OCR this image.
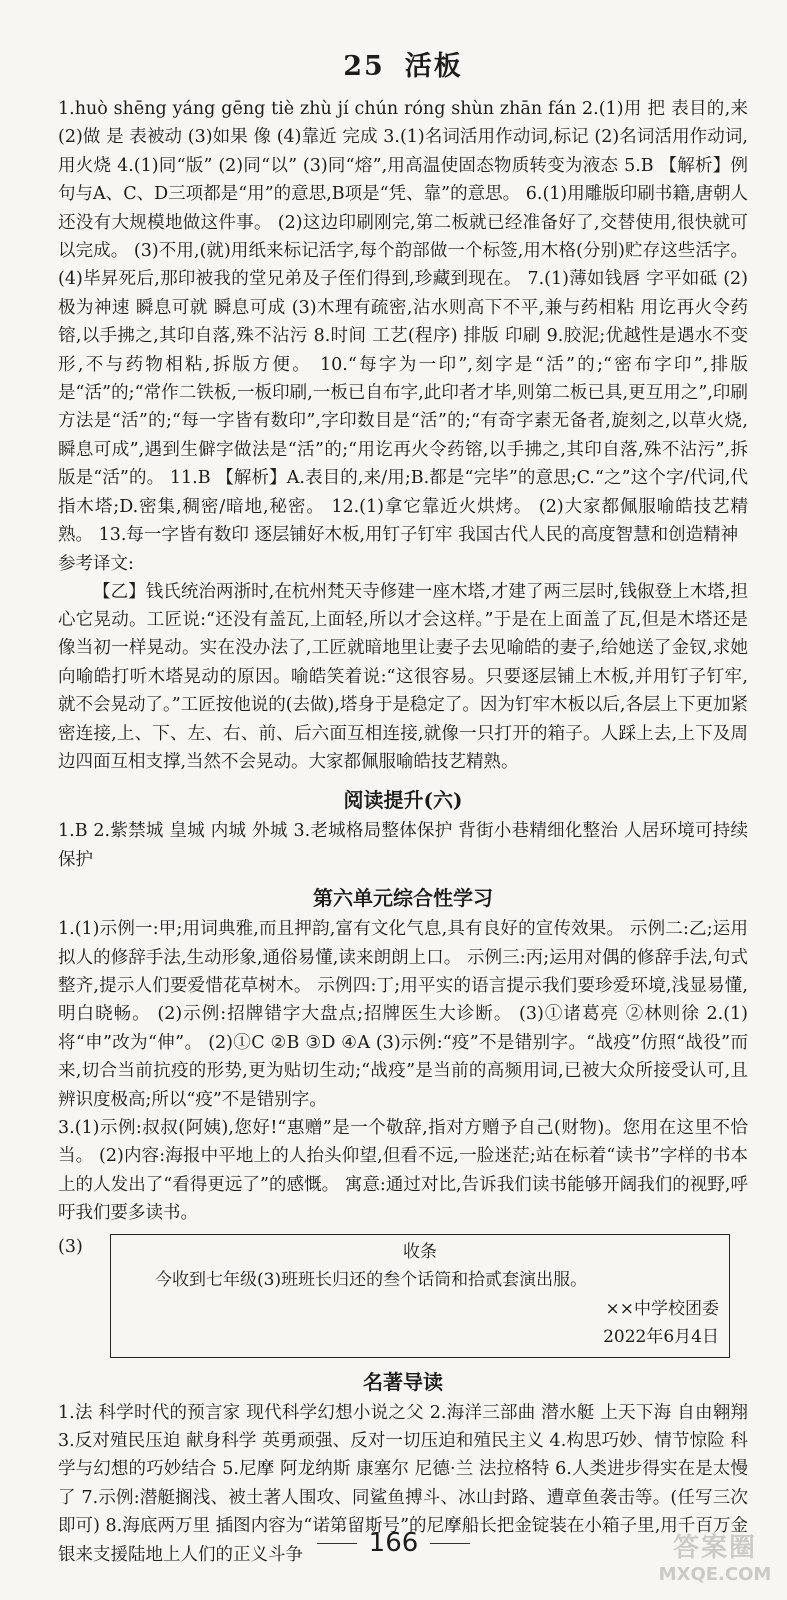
25 活板

1.huò shēng yáng gēng tiè zhù jí chún róng shùn zhān fán 2.(1)用 把 表目的,来 (2)做 是 表被动 (3)如果 像 (4)靠近 完成 3.(1)名词活用作动词,标记 (2)名词活用作动词,用火烧 4.(1)同“版” (2)同“以” (3)同“熔”,用高温使固态物质转变为液态 5.B 【解析】例句与A、C、D三项都是“用”的意思,B项是“凭、靠”的意思。 6.(1)用雕版印刷书籍,唐朝人还没有大规模地做这件事。 (2)这边印刷刚完,第二板就已经准备好了,交替使用,很快就可以完成。 (3)不用,(就)用纸来标记活字,每个韵部做一个标签,用木格(分别)贮存这些活字。 (4)毕昇死后,那印被我的堂兄弟及子侄们得到,珍藏到现在。 7.(1)薄如钱唇 字平如砥 (2)极为神速 瞬息可就 瞬息可成 (3)木理有疏密,沾水则高下不平,兼与药相粘 用讫再火令药镕,以手拂之,其印自落,殊不沾污 8.时间 工艺(程序) 排版 印刷 9.胶泥;优越性是遇水不变形,不与药物相粘,拆版方便。 10.“每字为一印”,刻字是“活”的;“密布字印”,排版是“活”的;“常作二铁板,一板印刷,一板已自布字,此印者才毕,则第二板已具,更互用之”,印刷方法是“活”的;“每一字皆有数印”,字印数目是“活”的;“有奇字素无备者,旋刻之,以草火烧,瞬息可成”,遇到生僻字做法是“活”的;“用讫再火令药镕,以手拂之,其印自落,殊不沾污”,拆版是“活”的。 11.B 【解析】A.表目的,来/用;B.都是“完毕”的意思;C.“之”这个字/代词,代指木塔;D.密集,稠密/暗地,秘密。 12.(1)拿它靠近火烘烤。 (2)大家都佩服喻皓技艺精熟。 13.每一字皆有数印 逐层铺好木板,用钉子钉牢 我国古代人民的高度智慧和创造精神

参考译文:

【乙】钱氏统治两浙时,在杭州梵天寺修建一座木塔,才建了两三层时,钱俶登上木塔,担心它晃动。工匠说:“还没有盖瓦,上面轻,所以才会这样。”于是在上面盖了瓦,但是木塔还是像当初一样晃动。实在没办法了,工匠就暗地里让妻子去见喻皓的妻子,给她送了金钗,求她向喻皓打听木塔晃动的原因。喻皓笑着说:“这很容易。只要逐层铺上木板,并用钉子钉牢,就不会晃动了。”工匠按他说的(去做),塔身于是稳定了。因为钉牢木板以后,各层上下更加紧密连接,上、下、左、右、前、后六面互相连接,就像一只打开的箱子。人踩上去,上下及周边四面互相支撑,当然不会晃动。大家都佩服喻皓技艺精熟。

阅读提升(六)

1.B 2.紫禁城 皇城 内城 外城 3.老城格局整体保护 背街小巷精细化整治 人居环境可持续保护

第六单元综合性学习

1.(1)示例一:甲;用词典雅,而且押韵,富有文化气息,具有良好的宣传效果。 示例二:乙;运用拟人的修辞手法,生动形象,通俗易懂,读来朗朗上口。 示例三:丙;运用对偶的修辞手法,句式整齐,提示人们要爱惜花草树木。 示例四:丁;用平实的语言提示我们要珍爱环境,浅显易懂,明白晓畅。 (2)示例:招牌错字大盘点;招牌医生大诊断。 (3)①诸葛亮 ②林则徐 2.(1)将“申”改为“伸”。 (2)①C ②B ③D ④A (3)示例:“疫”不是错别字。“战疫”仿照“战役”而来,切合当前抗疫的形势,更为贴切生动;“战疫”是当前的高频用词,已被大众所接受认可,且辨识度极高;所以“疫”不是错别字。

3.(1)示例:叔叔(阿姨),您好!“惠赠”是一个敬辞,指对方赠予自己(财物)。您用在这里不恰当。 (2)内容:海报中平地上的人抬头仰望,但看不远,一脸迷茫;站在标着“读书”字样的书本上的人发出了“看得更远了”的感慨。 寓意:通过对比,告诉我们读书能够开阔我们的视野,呼吁我们要多读书。

(3)	收条
今收到七年级(3)班班长归还的叁个话筒和拾贰套演出服。
××中学校团委
2022年6月4日
名著导读

1.法 科学时代的预言家 现代科学幻想小说之父 2.海洋三部曲 潜水艇 上天下海 自由翱翔 3.反对殖民压迫 献身科学 英勇顽强、反对一切压迫和殖民主义 4.构思巧妙、情节惊险 科学与幻想的巧妙结合 5.尼摩 阿龙纳斯 康塞尔 尼德·兰 法拉格特 6.人类进步得实在是太慢了 7.示例:潜艇搁浅、被土著人围攻、同鲨鱼搏斗、冰山封路、遭章鱼袭击等。(任写三次即可) 8.海底两万里 插图内容为“诺第留斯号”的尼摩船长把金锭装在小箱子里,用千百万金银来支援陆地上人们的正义斗争	166	答案圈
MXQE.COM
